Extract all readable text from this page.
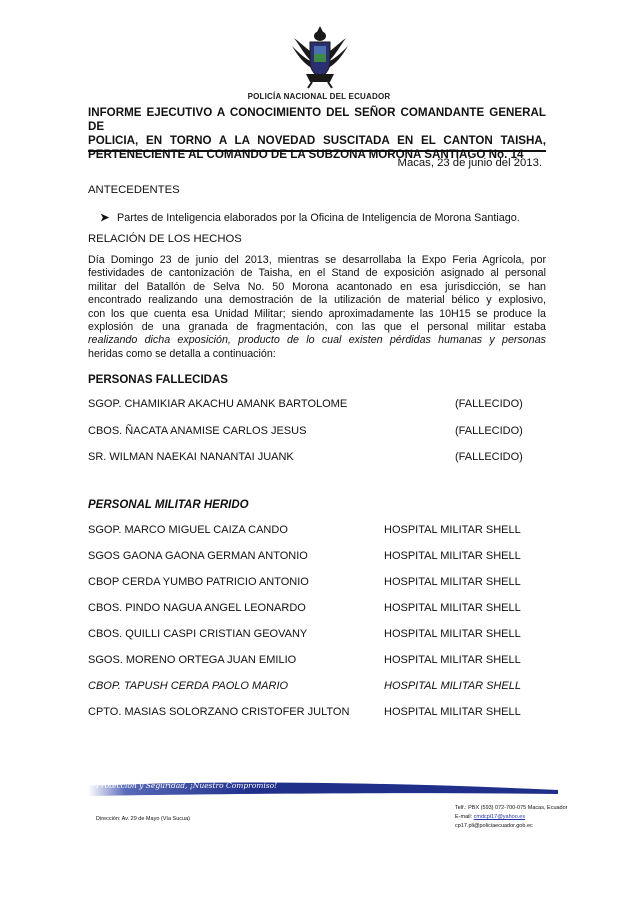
POLICÍA NACIONAL DEL ECUADOR
INFORME EJECUTIVO A CONOCIMIENTO DEL SEÑOR COMANDANTE GENERAL DE
POLICIA, EN TORNO A LA NOVEDAD SUSCITADA EN EL CANTON TAISHA,
PERTENECIENTE AL COMANDO DE LA SUBZONA MORONA SANTIAGO No. 14
Macas, 23 de junio del 2013.
ANTECEDENTES
➤ Partes de Inteligencia elaborados por la Oficina de Inteligencia de Morona Santiago.
RELACIÓN DE LOS HECHOS
Día Domingo 23 de junio del 2013, mientras se desarrollaba la Expo Feria Agrícola, por
festividades de cantonización de Taisha, en el Stand de exposición asignado al personal
militar del Batallón de Selva No. 50 Morona acantonado en esa jurisdicción, se han
encontrado realizando una demostración de la utilización de material bélico y explosivo,
con los que cuenta esa Unidad Militar; siendo aproximadamente las 10H15 se produce la
explosión de una granada de fragmentación, con las que el personal militar estaba
realizando dicha exposición, producto de lo cual existen pérdidas humanas y personas
heridas como se detalla a continuación:
PERSONAS FALLECIDAS
SGOP. CHAMIKIAR AKACHU AMANK BARTOLOME	(FALLECIDO)
CBOS. ÑACATA ANAMISE CARLOS JESUS	(FALLECIDO)
SR. WILMAN NAEKAI NANANTAI JUANK	(FALLECIDO)
PERSONAL MILITAR HERIDO
SGOP. MARCO MIGUEL CAIZA CANDO	HOSPITAL MILITAR SHELL
SGOS GAONA GAONA GERMAN ANTONIO	HOSPITAL MILITAR SHELL
CBOP CERDA YUMBO PATRICIO ANTONIO	HOSPITAL MILITAR SHELL
CBOS. PINDO NAGUA ANGEL LEONARDO	HOSPITAL MILITAR SHELL
CBOS. QUILLI CASPI CRISTIAN GEOVANY	HOSPITAL MILITAR SHELL
SGOS. MORENO ORTEGA JUAN EMILIO	HOSPITAL MILITAR SHELL
CBOP. TAPUSH CERDA PAOLO MARIO	HOSPITAL MILITAR SHELL
CPTO. MASIAS SOLORZANO CRISTOFER JULTON	HOSPITAL MILITAR SHELL
Protección y Seguridad, ¡Nuestro Compromiso!
Dirección: Av. 29 de Mayo (Vía Sucua)
Telf.: PBX (593) 072-700-075 Macas, Ecuador
E-mail: cmdcpi17@yahoo.es
cp17.pli@policiaecuador.gob.ec
